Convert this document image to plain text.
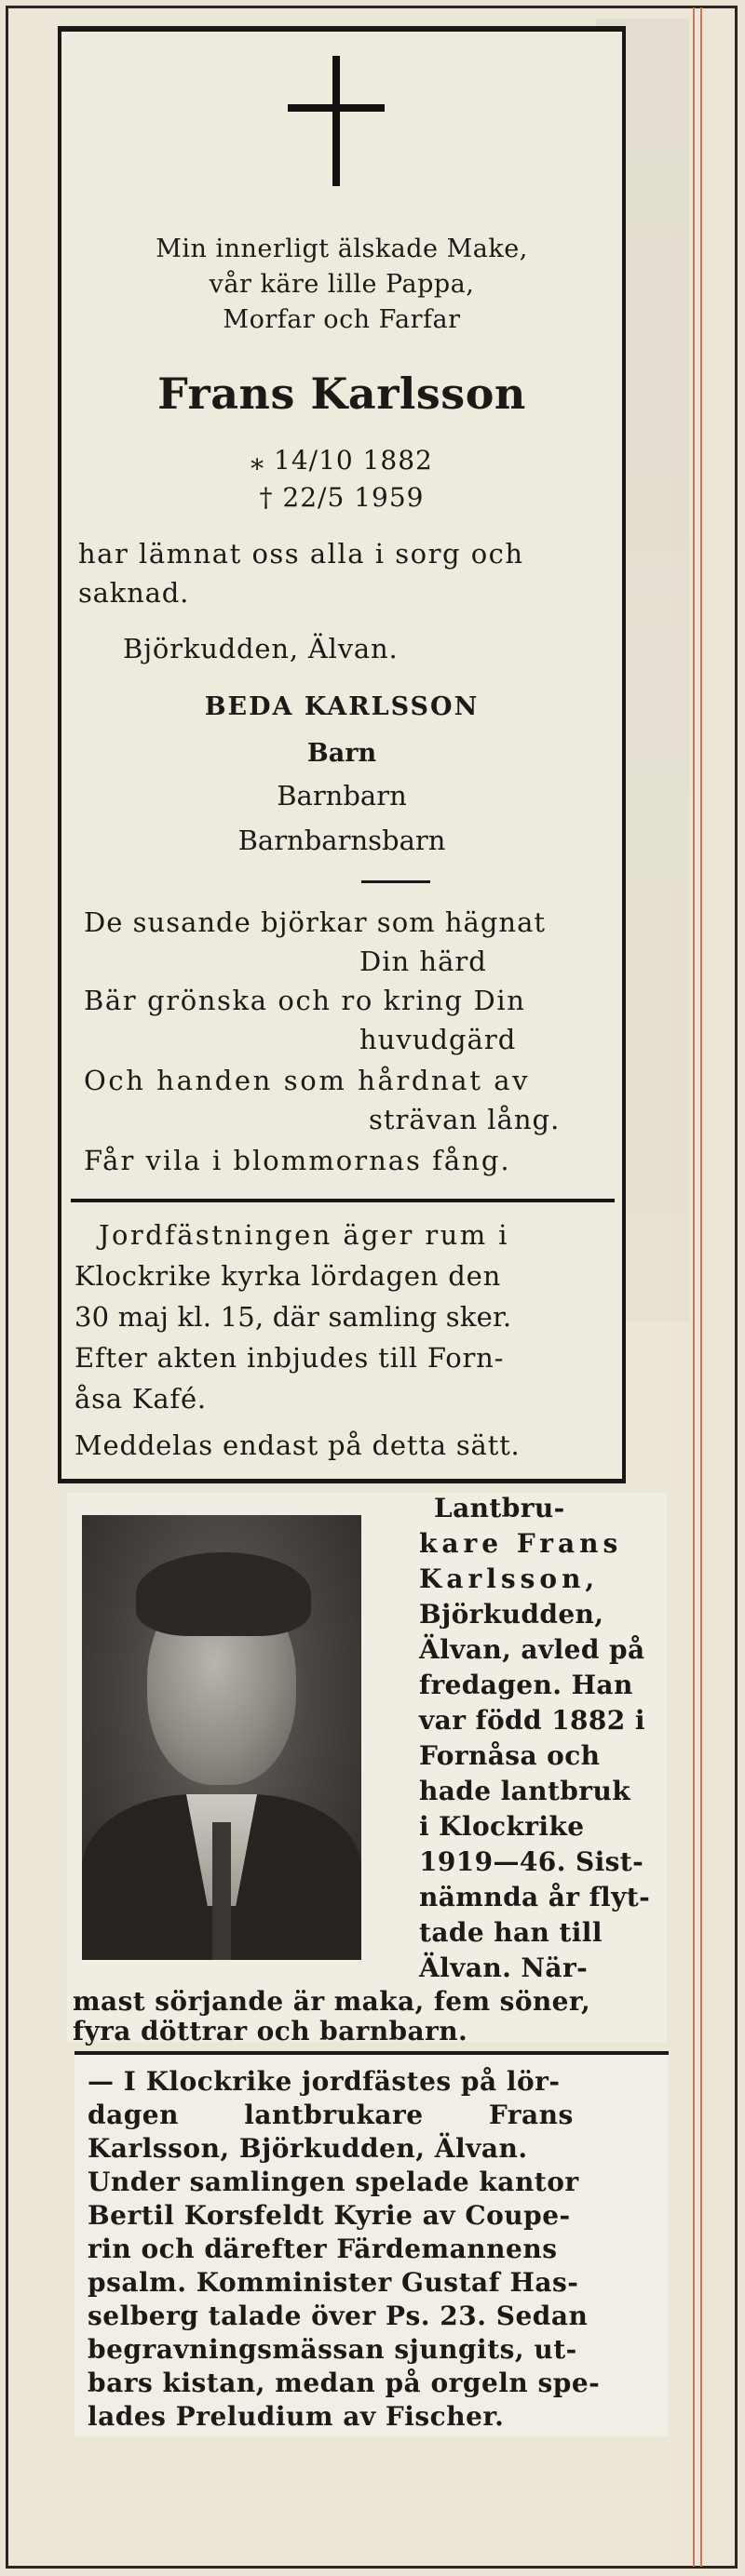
Min innerligt älskade Make,
vår käre lille Pappa,
Morfar och Farfar
Frans Karlsson
⁎ 14/10 1882
† 22/5 1959
har lämnat oss alla i sorg och
saknad.
Björkudden, Älvan.
BEDA KARLSSON
Barn
Barnbarn
Barnbarnsbarn
De susande björkar som hägnat
Din härd
Bär grönska och ro kring Din
huvudgärd
Och handen som hårdnat av
strävan lång.
Får vila i blommornas fång.
Jordfästningen äger rum i
Klockrike kyrka lördagen den
30 maj kl. 15, där samling sker.
Efter akten inbjudes till Forn-
åsa Kafé.
Meddelas endast på detta sätt.
Lantbru-
kare Frans
Karlsson,
Björkudden,
Älvan, avled på
fredagen. Han
var född 1882 i
Fornåsa och
hade lantbruk
i Klockrike
1919—46. Sist-
nämnda år flyt-
tade han till
Älvan. När-
mast sörjande är maka, fem söner,
fyra döttrar och barnbarn.
— I Klockrike jordfästes på lör-
dagen lantbrukare Frans
Karlsson, Björkudden, Älvan.
Under samlingen spelade kantor
Bertil Korsfeldt Kyrie av Coupe-
rin och därefter Färdemannens
psalm. Komminister Gustaf Has-
selberg talade över Ps. 23. Sedan
begravningsmässan sjungits, ut-
bars kistan, medan på orgeln spe-
lades Preludium av Fischer.
